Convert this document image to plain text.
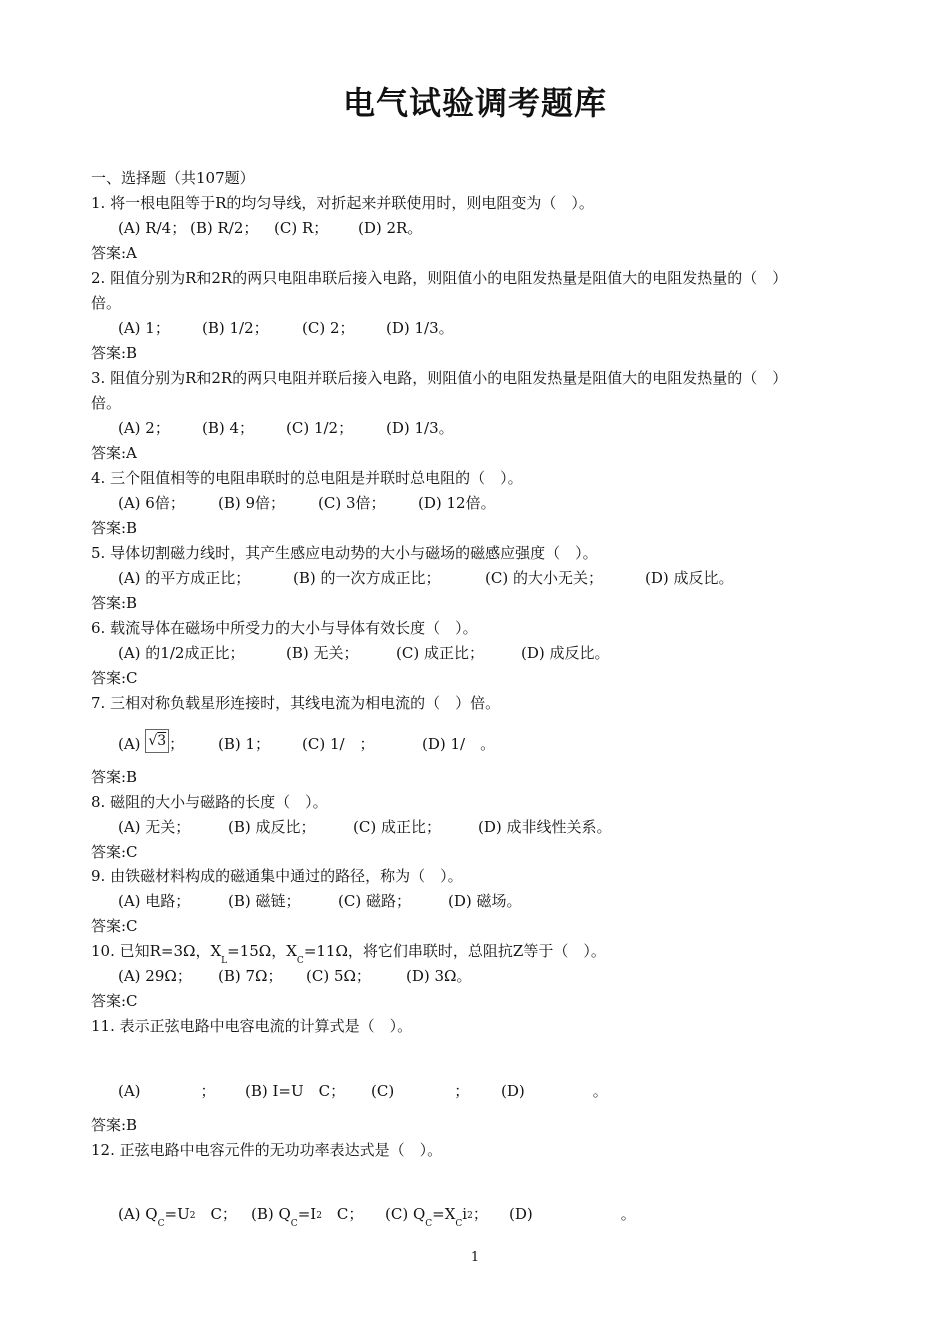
电气试验调考题库
一、选择题（共107题）
1. 将一根电阻等于R的均匀导线，对折起来并联使用时，则电阻变为（　）。
(A) R/4； (B) R/2； (C) R； (D) 2R。
答案:A
2. 阻值分别为R和2R的两只电阻串联后接入电路，则阻值小的电阻发热量是阻值大的电阻发热量的（　）
倍。
(A) 1； (B) 1/2； (C) 2； (D) 1/3。
答案:B
3. 阻值分别为R和2R的两只电阻并联后接入电路，则阻值小的电阻发热量是阻值大的电阻发热量的（　）
倍。
(A) 2； (B) 4； (C) 1/2； (D) 1/3。
答案:A
4. 三个阻值相等的电阻串联时的总电阻是并联时总电阻的（　）。
(A) 6倍； (B) 9倍； (C) 3倍； (D) 12倍。
答案:B
5. 导体切割磁力线时，其产生感应电动势的大小与磁场的磁感应强度（　）。
(A) 的平方成正比；	(B) 的一次方成正比；	(C) 的大小无关；	(D) 成反比。
答案:B
6. 载流导体在磁场中所受力的大小与导体有效长度（　）。
(A) 的1/2成正比；	(B) 无关；	(C) 成正比； (D) 成反比。
答案:C
7. 三相对称负载星形连接时，其线电流为相电流的（　）倍。
(A) √3 ； (B) 1； (C) 1/　；	(D) 1/　。
答案:B
8. 磁阻的大小与磁路的长度（　）。
(A) 无关；	(B) 成反比；	(C) 成正比； (D) 成非线性关系。
答案:C
9. 由铁磁材料构成的磁通集中通过的路径，称为（　）。
(A) 电路；	(B) 磁链；	(C) 磁路； (D) 磁场。
答案:C
10. 已知R=3Ω，$X_L=15\Omega$，$X_C=11\Omega$，将它们串联时，总阻抗Z等于（　）。
(A) 29Ω； (B) 7Ω； (C) 5Ω； (D) 3Ω。
答案:C
11. 表示正弦电路中电容电流的计算式是（　）。
(A)	； (B) I=U　C； (C)	； (D)	。
答案:B
12. 正弦电路中电容元件的无功功率表达式是（　）。
(A) $Q_C=U2$　C； (B) $Q_C=I2$　C； (C) $Q_C=X_Ci2$； (D)	。
1
